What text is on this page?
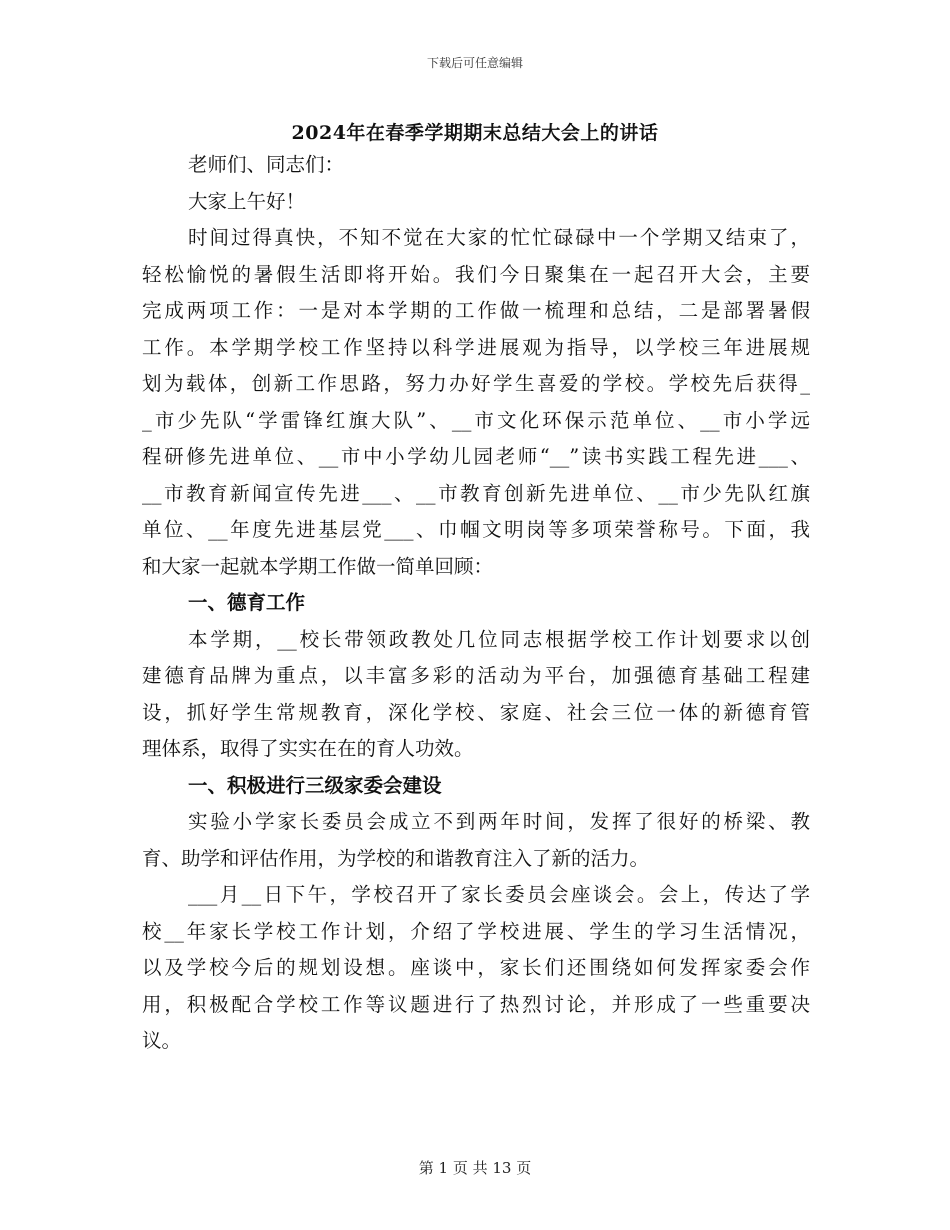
下载后可任意编辑
2024年在春季学期期末总结大会上的讲话
老师们、同志们：
大家上午好！
时间过得真快，不知不觉在大家的忙忙碌碌中一个学期又结束了，
轻松愉悦的暑假生活即将开始。我们今日聚集在一起召开大会，主要
完成两项工作：一是对本学期的工作做一梳理和总结，二是部署暑假
工作。本学期学校工作坚持以科学进展观为指导，以学校三年进展规
划为载体，创新工作思路，努力办好学生喜爱的学校。学校先后获得_
_市少先队“学雷锋红旗大队”、__市文化环保示范单位、__市小学远
程研修先进单位、__市中小学幼儿园老师“__”读书实践工程先进___、
__市教育新闻宣传先进___、__市教育创新先进单位、__市少先队红旗
单位、__年度先进基层党___、巾帼文明岗等多项荣誉称号。下面，我
和大家一起就本学期工作做一简单回顾：
一、德育工作
本学期，__校长带领政教处几位同志根据学校工作计划要求以创
建德育品牌为重点，以丰富多彩的活动为平台，加强德育基础工程建
设，抓好学生常规教育，深化学校、家庭、社会三位一体的新德育管
理体系，取得了实实在在的育人功效。
一、积极进行三级家委会建设
实验小学家长委员会成立不到两年时间，发挥了很好的桥梁、教
育、助学和评估作用，为学校的和谐教育注入了新的活力。
___月__日下午，学校召开了家长委员会座谈会。会上，传达了学
校__年家长学校工作计划，介绍了学校进展、学生的学习生活情况，
以及学校今后的规划设想。座谈中，家长们还围绕如何发挥家委会作
用，积极配合学校工作等议题进行了热烈讨论，并形成了一些重要决
议。
第 1 页 共 13 页
